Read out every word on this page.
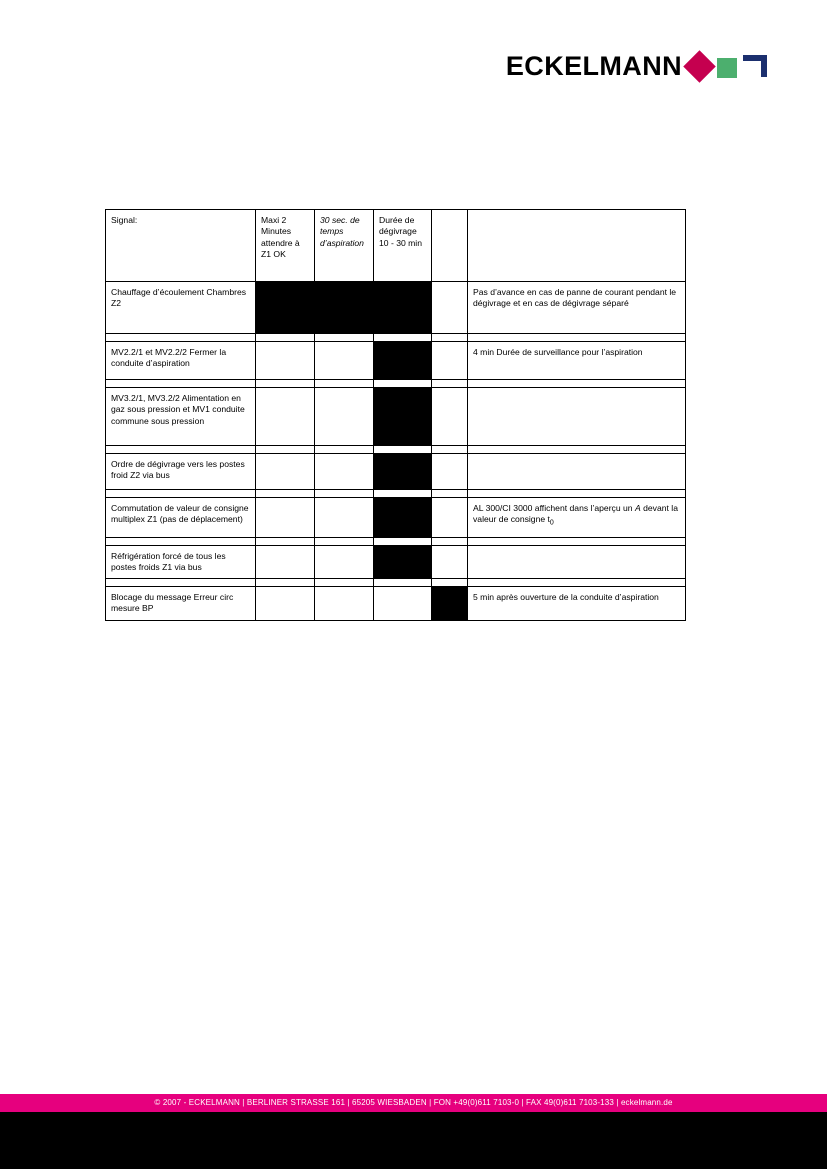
ECKELMANN
Signal:	Maxi 2 Minutes attendre à Z1 OK	30 sec. de temps d’aspiration	Durée de dégivrage 10 - 30 min		
Chauffage d’écoulement Chambres Z2					Pas d’avance en cas de panne de courant pendant le dégivrage et en cas de dégivrage séparé

MV2.2/1 et MV2.2/2 Fermer la conduite d’aspiration					4 min Durée de surveillance pour l’aspiration

MV3.2/1, MV3.2/2 Alimentation en gaz sous pression et MV1 conduite commune sous pression					

Ordre de dégivrage vers les postes froid Z2 via bus					

Commutation de valeur de consigne multiplex Z1 (pas de déplacement)					AL 300/CI 3000 affichent dans l’aperçu un A devant la valeur de consigne $t_0$

Réfrigération forcé de tous les postes froids Z1 via bus					

Blocage du message Erreur circ mesure BP					5 min après ouverture de la conduite d’aspiration
© 2007 - ECKELMANN | BERLINER STRASSE 161 | 65205 WIESBADEN | FON +49(0)611 7103-0 | FAX 49(0)611 7103-133 | eckelmann.de
